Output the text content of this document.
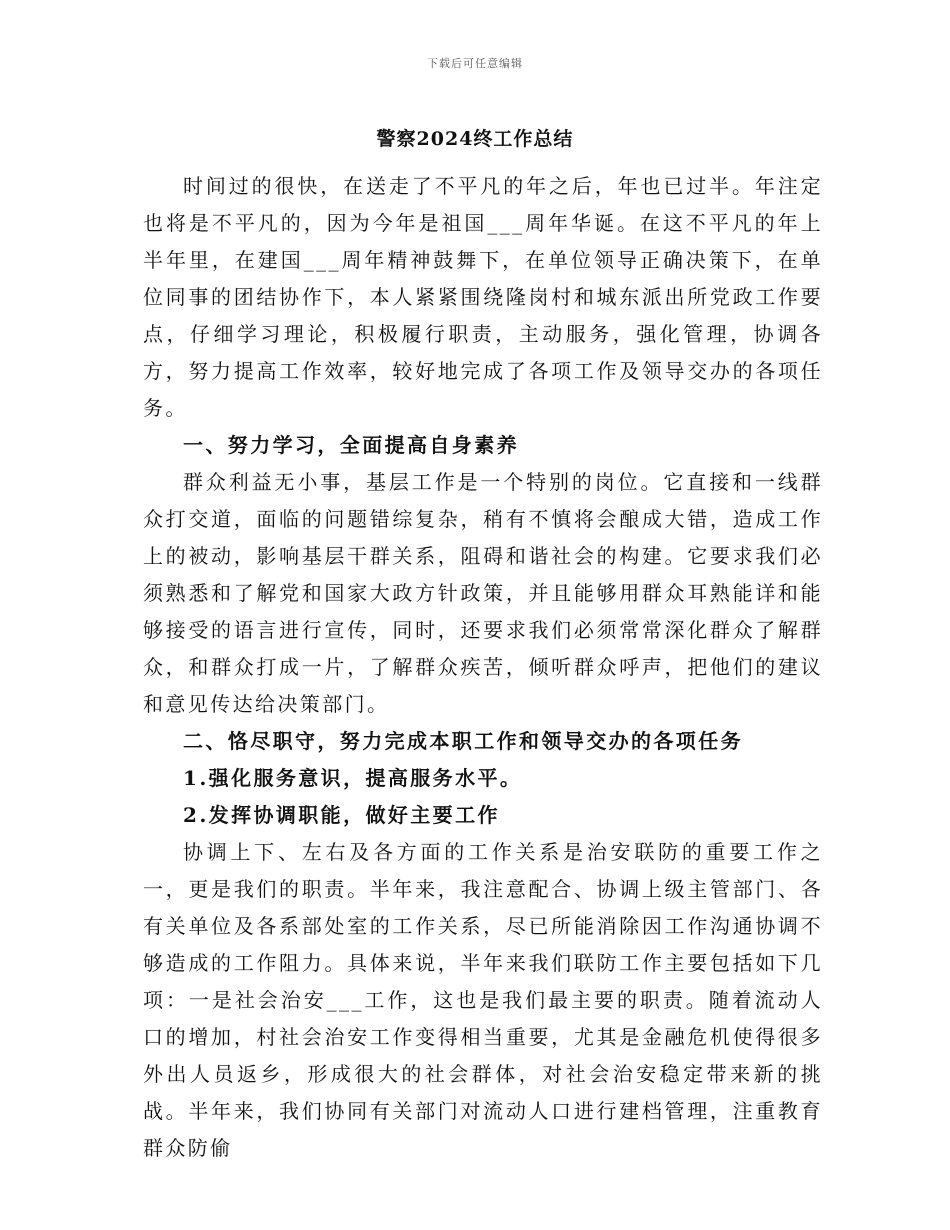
下载后可任意编辑
警察2024终工作总结

时间过的很快，在送走了不平凡的年之后，年也已过半。年注定也将是不平凡的，因为今年是祖国___周年华诞。在这不平凡的年上半年里，在建国___周年精神鼓舞下，在单位领导正确决策下，在单位同事的团结协作下，本人紧紧围绕隆岗村和城东派出所党政工作要点，仔细学习理论，积极履行职责，主动服务，强化管理，协调各方，努力提高工作效率，较好地完成了各项工作及领导交办的各项任务。

一、努力学习，全面提高自身素养

群众利益无小事，基层工作是一个特别的岗位。它直接和一线群众打交道，面临的问题错综复杂，稍有不慎将会酿成大错，造成工作上的被动，影响基层干群关系，阻碍和谐社会的构建。它要求我们必须熟悉和了解党和国家大政方针政策，并且能够用群众耳熟能详和能够接受的语言进行宣传，同时，还要求我们必须常常深化群众了解群众，和群众打成一片，了解群众疾苦，倾听群众呼声，把他们的建议和意见传达给决策部门。

二、恪尽职守，努力完成本职工作和领导交办的各项任务

1.强化服务意识，提高服务水平。

2.发挥协调职能，做好主要工作

协调上下、左右及各方面的工作关系是治安联防的重要工作之一，更是我们的职责。半年来，我注意配合、协调上级主管部门、各有关单位及各系部处室的工作关系，尽已所能消除因工作沟通协调不够造成的工作阻力。具体来说，半年来我们联防工作主要包括如下几项：一是社会治安___工作，这也是我们最主要的职责。随着流动人口的增加，村社会治安工作变得相当重要，尤其是金融危机使得很多外出人员返乡，形成很大的社会群体，对社会治安稳定带来新的挑战。半年来，我们协同有关部门对流动人口进行建档管理，注重教育群众防偷
